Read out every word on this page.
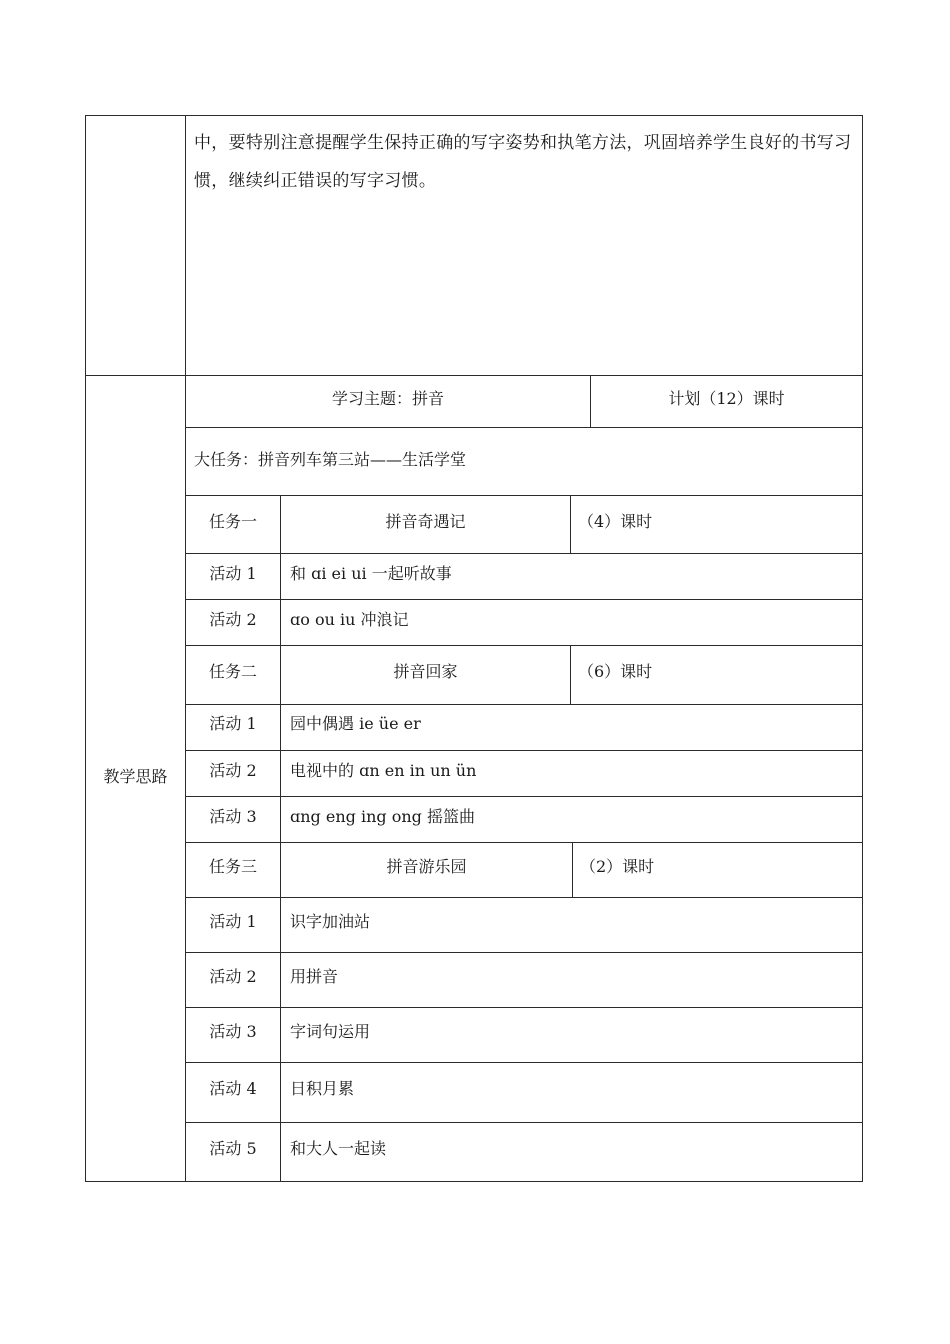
中，要特别注意提醒学生保持正确的写字姿势和执笔方法，巩固培养学生良好的书写习惯，继续纠正错误的写字习惯。
教学思路
学习主题：拼音	计划（12）课时
大任务：拼音列车第三站——生活学堂
任务一	拼音奇遇记	（4）课时
活动 1	和 ɑi ei ui 一起听故事
活动 2	ɑo ou iu 冲浪记
任务二	拼音回家	（6）课时
活动 1	园中偶遇 ie üe er
活动 2	电视中的 ɑn en in un ün
活动 3	ɑng eng ing ong 摇篮曲
任务三	拼音游乐园	（2）课时
活动 1	识字加油站
活动 2	用拼音
活动 3	字词句运用
活动 4	日积月累
活动 5	和大人一起读
